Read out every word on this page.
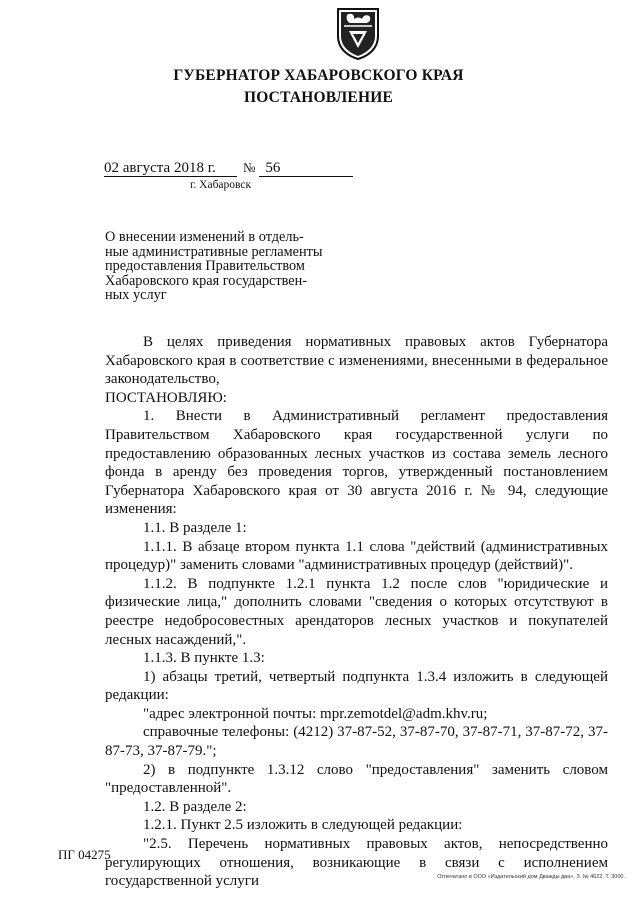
ГУБЕРНАТОР ХАБАРОВСКОГО КРАЯ
ПОСТАНОВЛЕНИЕ
02 августа 2018 г. № 56
г. Хабаровск
О внесении изменений в отдель-
ные административные регламенты
предоставления Правительством
Хабаровского края государствен-
ных услуг

В целях приведения нормативных правовых актов Губернатора Хабаровского края в соответствие с изменениями, внесенными в федеральное законодательство,

ПОСТАНОВЛЯЮ:

1. Внести в Административный регламент предоставления Правительством Хабаровского края государственной услуги по предоставлению образованных лесных участков из состава земель лесного фонда в аренду без проведения торгов, утвержденный постановлением Губернатора Хабаровского края от 30 августа 2016 г. № 94, следующие изменения:

1.1. В разделе 1:

1.1.1. В абзаце втором пункта 1.1 слова "действий (административных процедур)" заменить словами "административных процедур (действий)".

1.1.2. В подпункте 1.2.1 пункта 1.2 после слов "юридические и физические лица," дополнить словами "сведения о которых отсутствуют в реестре недобросовестных арендаторов лесных участков и покупателей лесных насаждений,".

1.1.3. В пункте 1.3:

1) абзацы третий, четвертый подпункта 1.3.4 изложить в следующей редакции:

"адрес электронной почты: mpr.zemotdel@adm.khv.ru;

справочные телефоны: (4212) 37-87-52, 37-87-70, 37-87-71, 37-87-72, 37-87-73, 37-87-79.";

2) в подпункте 1.3.12 слово "предоставления" заменить словом "предоставленной".

1.2. В разделе 2:

1.2.1. Пункт 2.5 изложить в следующей редакции:

"2.5. Перечень нормативных правовых актов, непосредственно регулирующих отношения, возникающие в связи с исполнением государственной услуги

ПГ 04275
Отпечатано в ООО «Издательский дом Дважды два». З. № 4622. Т. 3000.
